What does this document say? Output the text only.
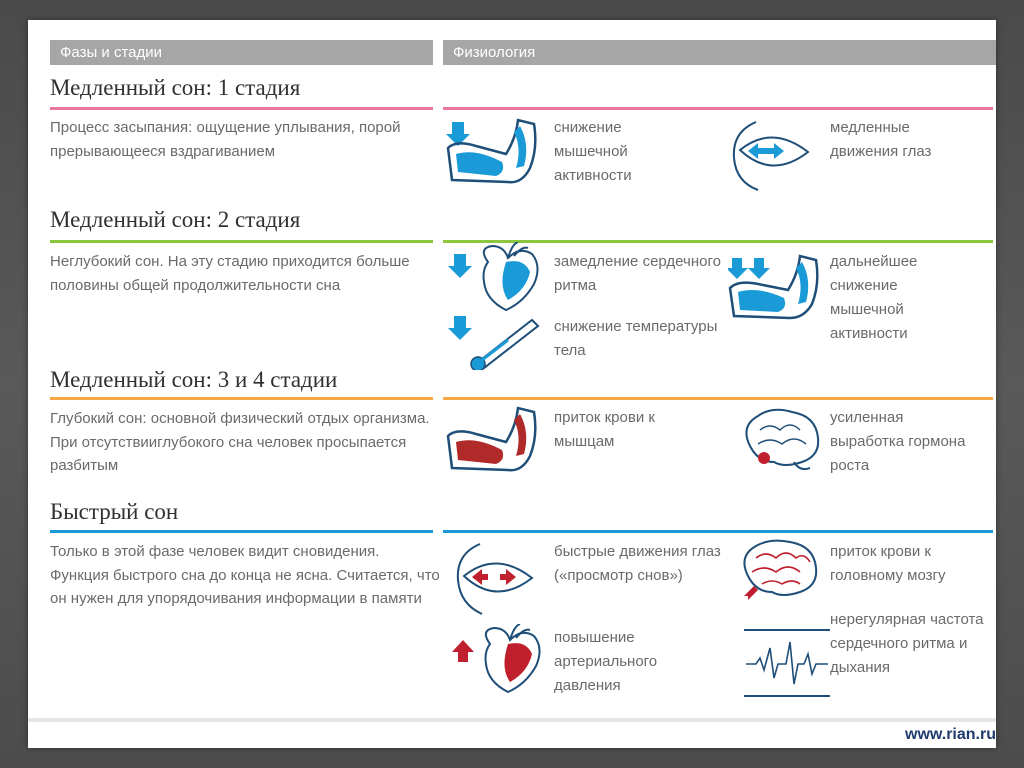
Фазы и стадии	Физиология
Медленный сон: 1 стадия
Процесс засыпания: ощущение уплывания, порой прерывающееся вздрагиванием
снижение мышечной активности
медленные движения глаз
Медленный сон: 2 стадия
Неглубокий сон. На эту стадию приходится больше половины общей продолжительности сна
замедление сердечного ритма
дальнейшее снижение мышечной активности
снижение температуры тела
Медленный сон: 3 и 4 стадии
Глубокий сон: основной физический отдых организма. При отсутствииглубокого сна человек просыпается разбитым
приток крови к мышцам
усиленная выработка гормона роста
Быстрый сон
Только в этой фазе человек видит сновидения. Функция быстрого сна до конца не ясна. Считается, что он нужен для упорядочивания информации в памяти
быстрые движения глаз («просмотр снов»)
приток крови к головному мозгу
повышение артериального давления
нерегулярная частота сердечного ритма и дыхания
www.rian.ru
